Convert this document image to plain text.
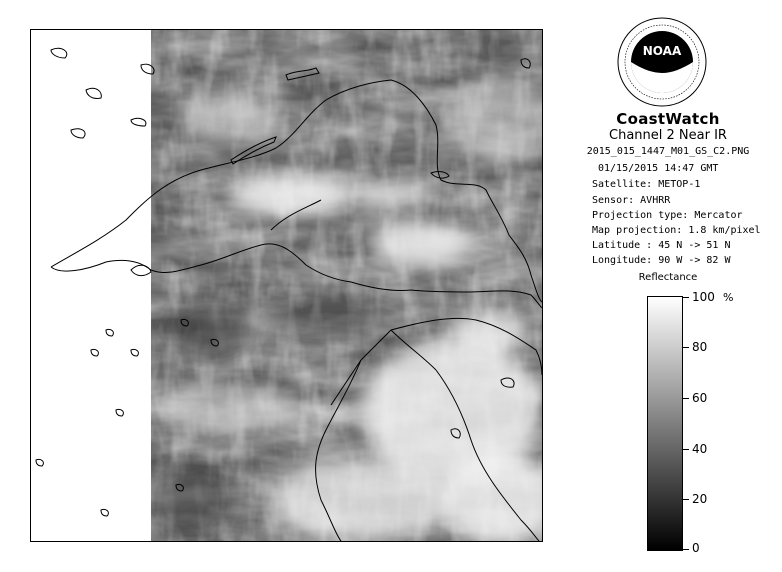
NOAA
CoastWatch
Channel 2 Near IR
2015_015_1447_M01_GS_C2.PNG
01/15/2015 14:47 GMT
Satellite: METOP-1
Sensor: AVHRR
Projection type: Mercator
Map projection: 1.8 km/pixel
Latitude : 45 N -> 51 N
Longitude: 90 W -> 82 W
Reflectance
%
100
80
60
40
20
0
